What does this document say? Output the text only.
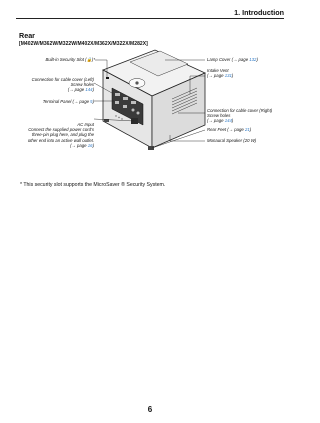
1. Introduction
Rear
[M402W/M362W/M322W/M402X/M362X/M322X/M282X]
Built-in Security Slot (🔒)*
Connection for cable cover (Left)
Screw holes
(→ page 144)
Terminal Panel (→ page 5)
AC Input
Connect the supplied power cord's
three-pin plug here, and plug the
other end into an active wall outlet.
(→ page 16)
Lamp Cover (→ page 132)
Intake Vent
(→ page 131)
Connection for cable cover (Right)
Screw holes
(→ page 144)
Rear Feet (→ page 21)
Monaural Speaker (20 W)
* This security slot supports the MicroSaver ® Security System.
6
